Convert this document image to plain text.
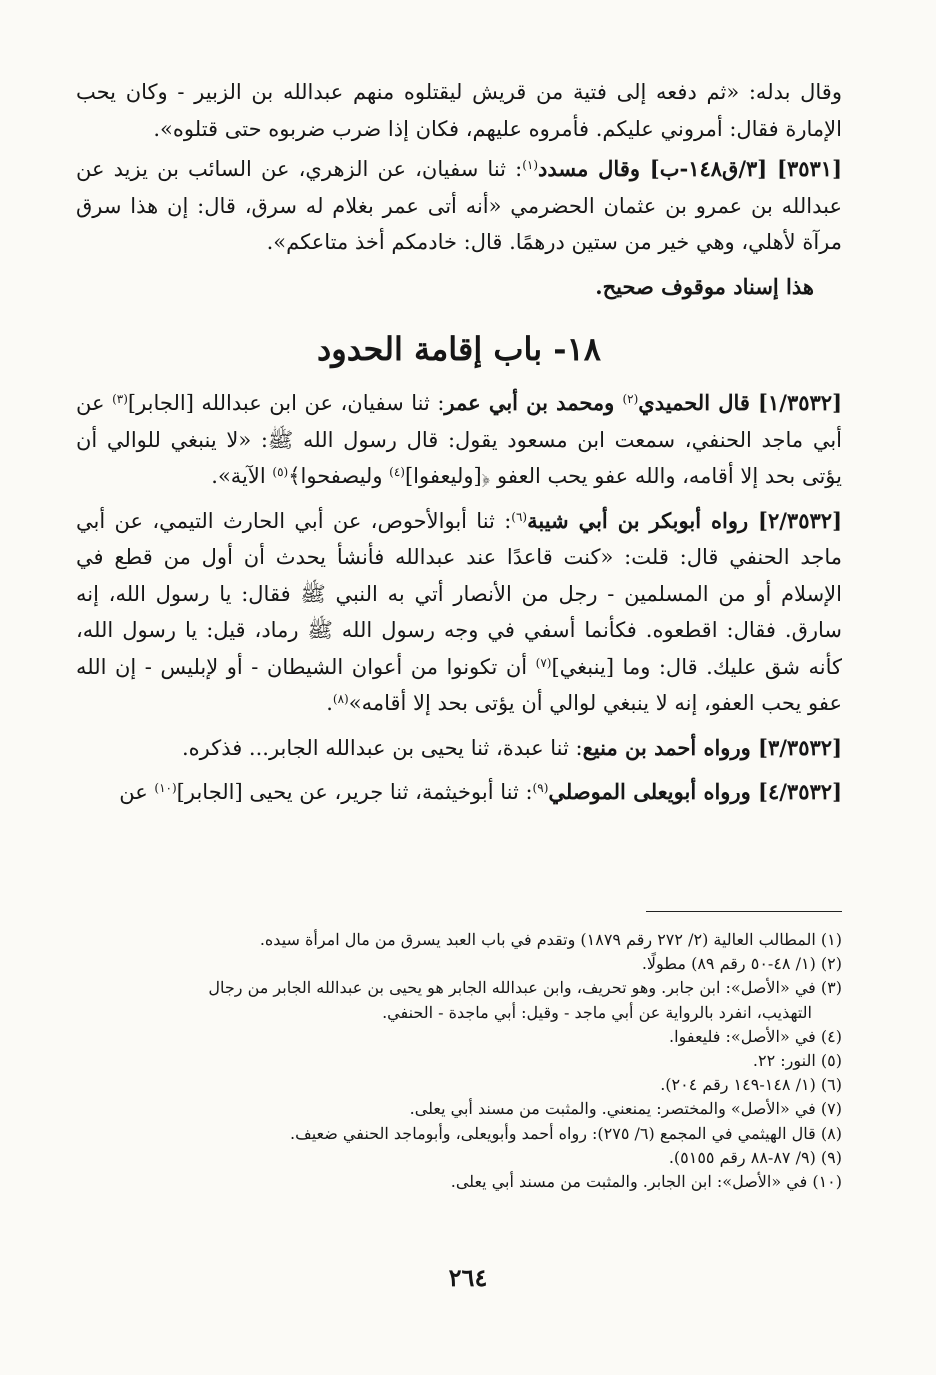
وقال بدله: «ثم دفعه إلى فتية من قريش ليقتلوه منهم عبدالله بن الزبير - وكان يحب الإمارة فقال: أمروني عليكم. فأمروه عليهم، فكان إذا ضرب ضربوه حتى قتلوه».

[٣٥٣١] [٣/ق١٤٨-ب] وقال مسدد$^{(١)}$: ثنا سفيان، عن الزهري، عن السائب بن يزيد عن عبدالله بن عمرو بن عثمان الحضرمي «أنه أتى عمر بغلام له سرق، قال: إن هذا سرق مرآة لأهلي، وهي خير من ستين درهمًا. قال: خادمكم أخذ متاعكم».

هذا إسناد موقوف صحيح.

١٨- باب إقامة الحدود

[١/٣٥٣٢] قال الحميدي$^{(٢)}$ ومحمد بن أبي عمر: ثنا سفيان، عن ابن عبدالله [الجابر]$^{(٣)}$ عن أبي ماجد الحنفي، سمعت ابن مسعود يقول: قال رسول الله ﷺ: «لا ينبغي للوالي أن يؤتى بحد إلا أقامه، والله عفو يحب العفو ﴿[وليعفوا]$^{(٤)}$ وليصفحوا﴾$^{(٥)}$ الآية».

[٢/٣٥٣٢] رواه أبوبكر بن أبي شيبة$^{(٦)}$: ثنا أبوالأحوص، عن أبي الحارث التيمي، عن أبي ماجد الحنفي قال: قلت: «كنت قاعدًا عند عبدالله فأنشأ يحدث أن أول من قطع في الإسلام أو من المسلمين - رجل من الأنصار أتي به النبي ﷺ فقال: يا رسول الله، إنه سارق. فقال: اقطعوه. فكأنما أسفي في وجه رسول الله ﷺ رماد، قيل: يا رسول الله، كأنه شق عليك. قال: وما [ينبغي]$^{(٧)}$ أن تكونوا من أعوان الشيطان - أو لإبليس - إن الله عفو يحب العفو، إنه لا ينبغي لوالي أن يؤتى بحد إلا أقامه»$^{(٨)}$.

[٣/٣٥٣٢] ورواه أحمد بن منيع: ثنا عبدة، ثنا يحيى بن عبدالله الجابر... فذكره.

[٤/٣٥٣٢] ورواه أبويعلى الموصلي$^{(٩)}$: ثنا أبوخيثمة، ثنا جرير، عن يحيى [الجابر]$^{(١٠)}$ عن

(١) المطالب العالية (٢/ ٢٧٢ رقم ١٨٧٩) وتقدم في باب العبد يسرق من مال امرأة سيده.

(٢) (١/ ٤٨-٥٠ رقم ٨٩) مطولًا.

(٣) في «الأصل»: ابن جابر. وهو تحريف، وابن عبدالله الجابر هو يحيى بن عبدالله الجابر من رجال

التهذيب، انفرد بالرواية عن أبي ماجد - وقيل: أبي ماجدة - الحنفي.

(٤) في «الأصل»: فليعفوا.

(٥) النور: ٢٢.

(٦) (١/ ١٤٨-١٤٩ رقم ٢٠٤).

(٧) في «الأصل» والمختصر: يمنعني. والمثبت من مسند أبي يعلى.

(٨) قال الهيثمي في المجمع (٦/ ٢٧٥): رواه أحمد وأبويعلى، وأبوماجد الحنفي ضعيف.

(٩) (٩/ ٨٧-٨٨ رقم ٥١٥٥).

(١٠) في «الأصل»: ابن الجابر. والمثبت من مسند أبي يعلى.

٢٦٤
